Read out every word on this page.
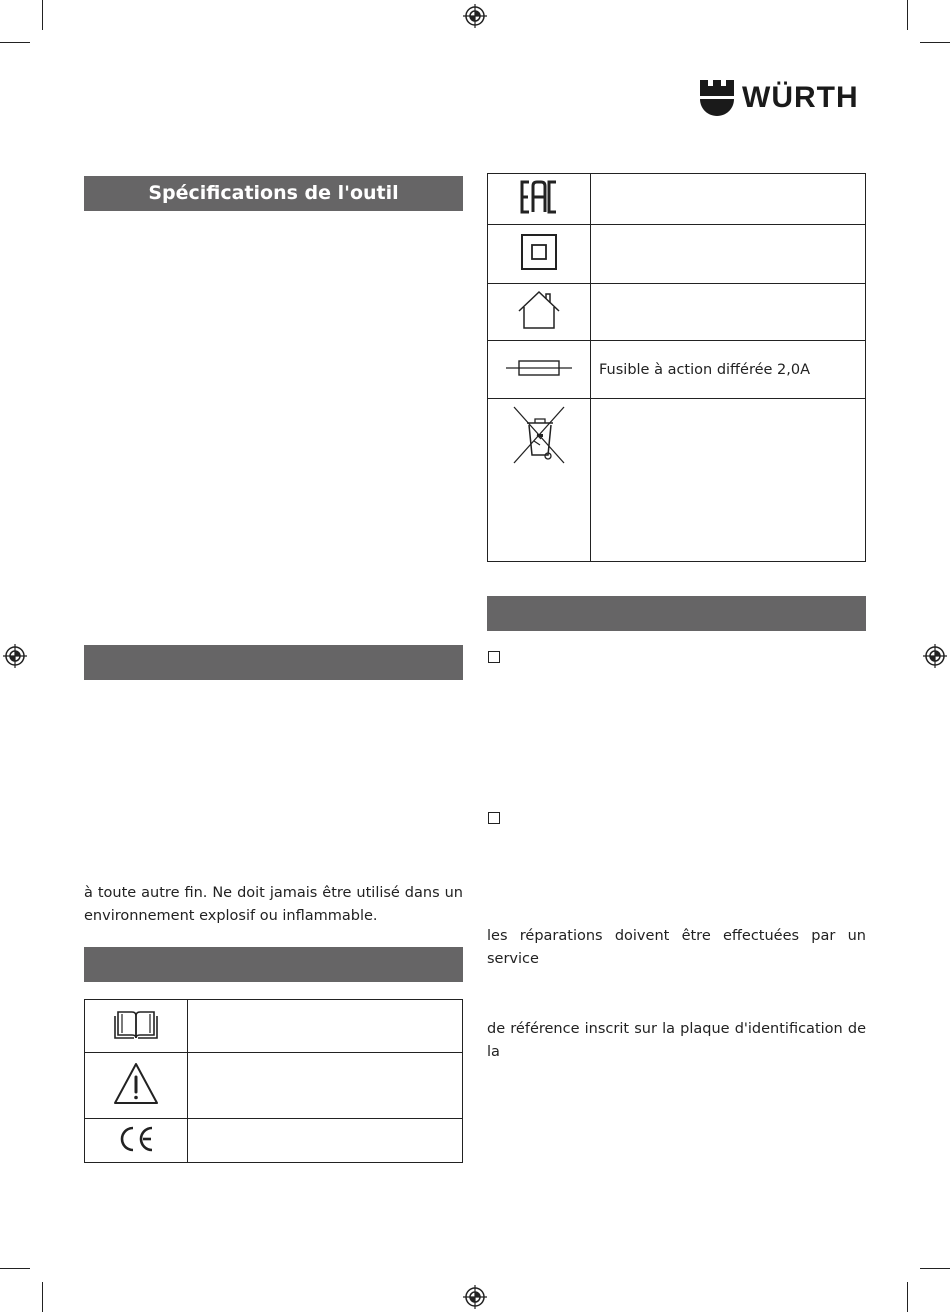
WÜRTH
Spécifications de l'outil
à toute autre fin. Ne doit jamais être utilisé dans un
environnement explosif ou inflammable.

	Fusible à action différée 2,0A

les réparations doivent être effectuées par un service
de référence inscrit sur la plaque d'identification de la
